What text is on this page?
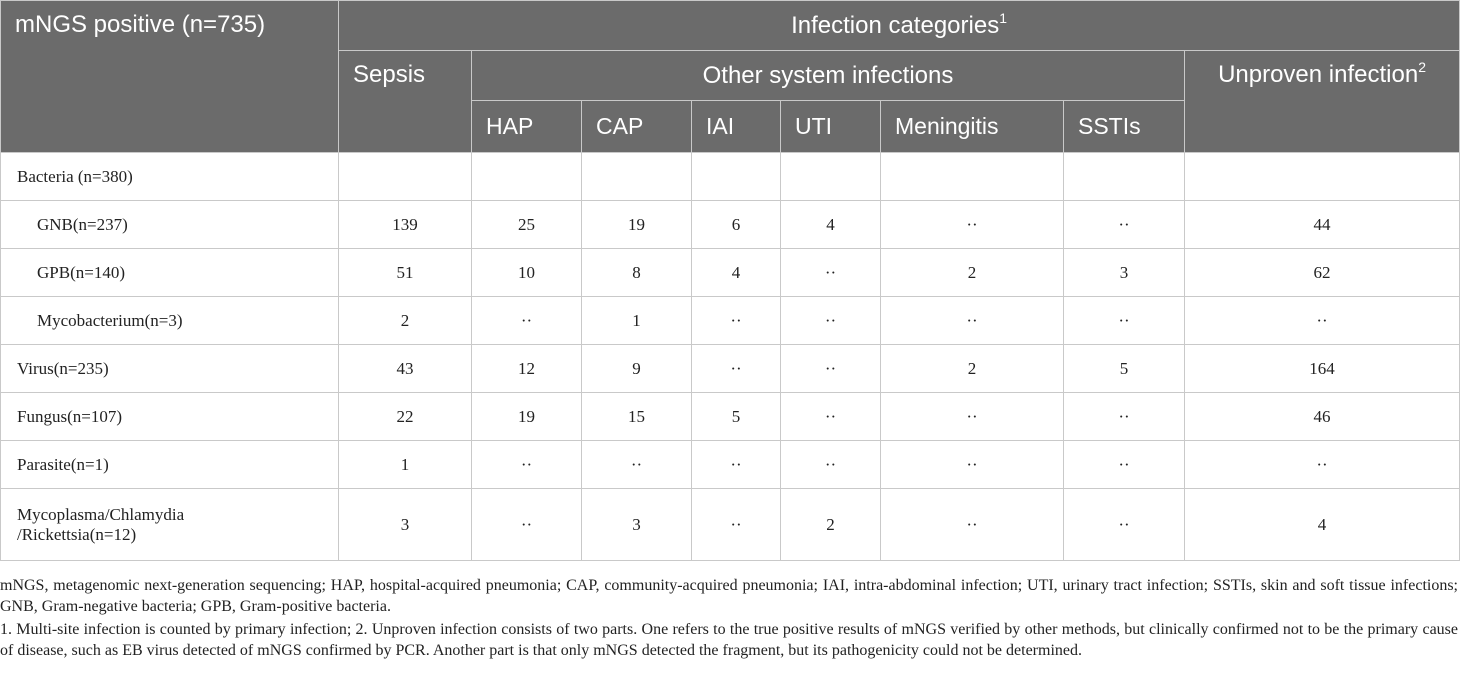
mNGS positive (n=735)	Infection categories$^1$
	Sepsis	Other system infections						Unproven infection$^2$
		HAP	CAP	IAI	UTI	Meningitis	SSTIs	
Bacteria (n=380)								
GNB(n=237)	139	25	19	6	4	··	··	44
GPB(n=140)	51	10	8	4	··	2	3	62
Mycobacterium(n=3)	2	··	1	··	··	··	··	··
Virus(n=235)	43	12	9	··	··	2	5	164
Fungus(n=107)	22	19	15	5	··	··	··	46
Parasite(n=1)	1	··	··	··	··	··	··	··

Mycoplasma/Chlamydia
/Rickettsia(n=12)	3	··	3	··	2	··	··	4

mNGS, metagenomic next-generation sequencing; HAP, hospital-acquired pneumonia; CAP, community-acquired pneumonia; IAI, intra-abdominal infection; UTI, urinary tract infection; SSTIs, skin and soft tissue infections; GNB, Gram-negative bacteria; GPB, Gram-positive bacteria.

1. Multi-site infection is counted by primary infection; 2. Unproven infection consists of two parts. One refers to the true positive results of mNGS verified by other methods, but clinically confirmed not to be the primary cause of disease, such as EB virus detected of mNGS confirmed by PCR. Another part is that only mNGS detected the fragment, but its pathogenicity could not be determined.
